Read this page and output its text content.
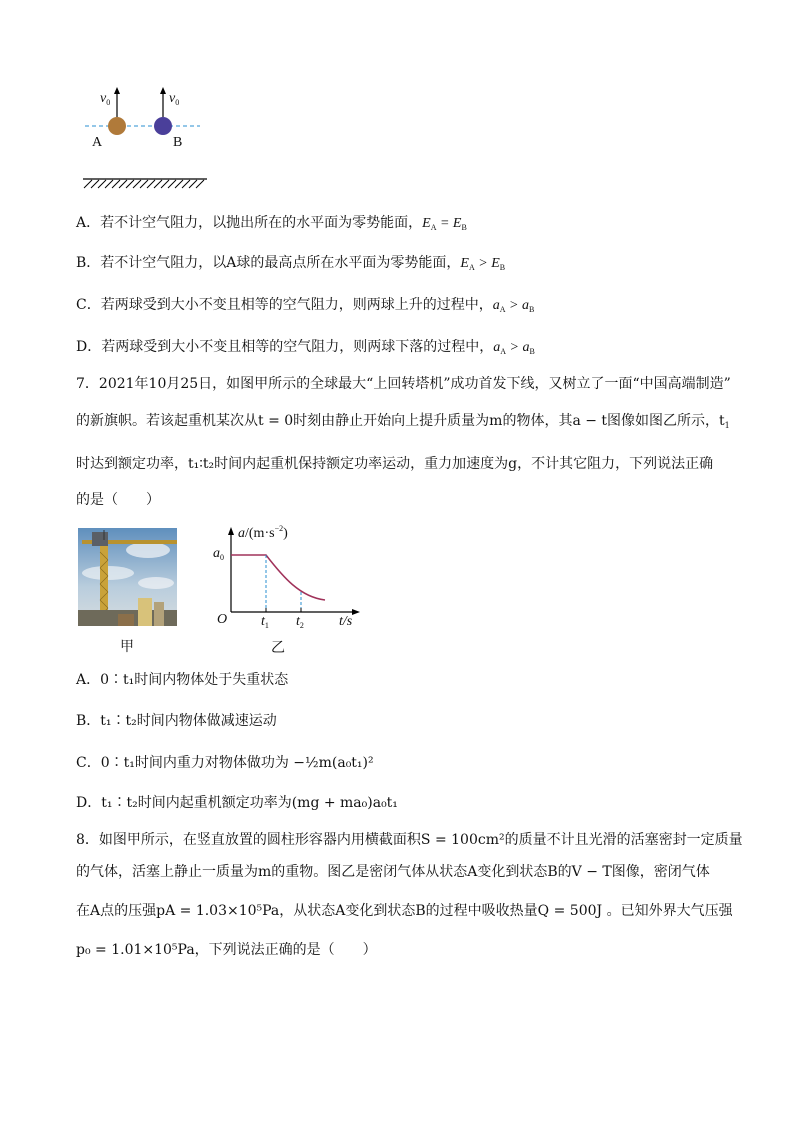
$v_0$	$v_0$
A	B
A．若不计空气阻力，以抛出所在的水平面为零势能面，$E_A = E_B$
B．若不计空气阻力，以A球的最高点所在水平面为零势能面，$E_A > E_B$
C．若两球受到大小不变且相等的空气阻力，则两球上升的过程中，$a_A > a_B$
D．若两球受到大小不变且相等的空气阻力，则两球下落的过程中，$a_A > a_B$
7．2021年10月25日，如图甲所示的全球最大“上回转塔机”成功首发下线，又树立了一面“中国高端制造”
的新旗帜。若该起重机某次从t = 0时刻由静止开始向上提升质量为m的物体，其a − t图像如图乙所示，$t_1$
时达到额定功率，t₁∶t₂时间内起重机保持额定功率运动，重力加速度为g，不计其它阻力，下列说法正确
的是（　　）
甲
$a/(m\cdot s^{-2})$
$a_0$
O $t_1$ $t_2$	t/s
乙
A．0∶t₁时间内物体处于失重状态
B．t₁∶t₂时间内物体做减速运动
C．0∶t₁时间内重力对物体做功为 −½m(a₀t₁)²
D．t₁∶t₂时间内起重机额定功率为(mg + ma₀)a₀t₁
8．如图甲所示，在竖直放置的圆柱形容器内用横截面积S = 100cm²的质量不计且光滑的活塞密封一定质量
的气体，活塞上静止一质量为m的重物。图乙是密闭气体从状态A变化到状态B的V − T图像，密闭气体
在A点的压强pA = 1.03×10⁵Pa，从状态A变化到状态B的过程中吸收热量Q = 500J 。已知外界大气压强
p₀ = 1.01×10⁵Pa，下列说法正确的是（　　）
